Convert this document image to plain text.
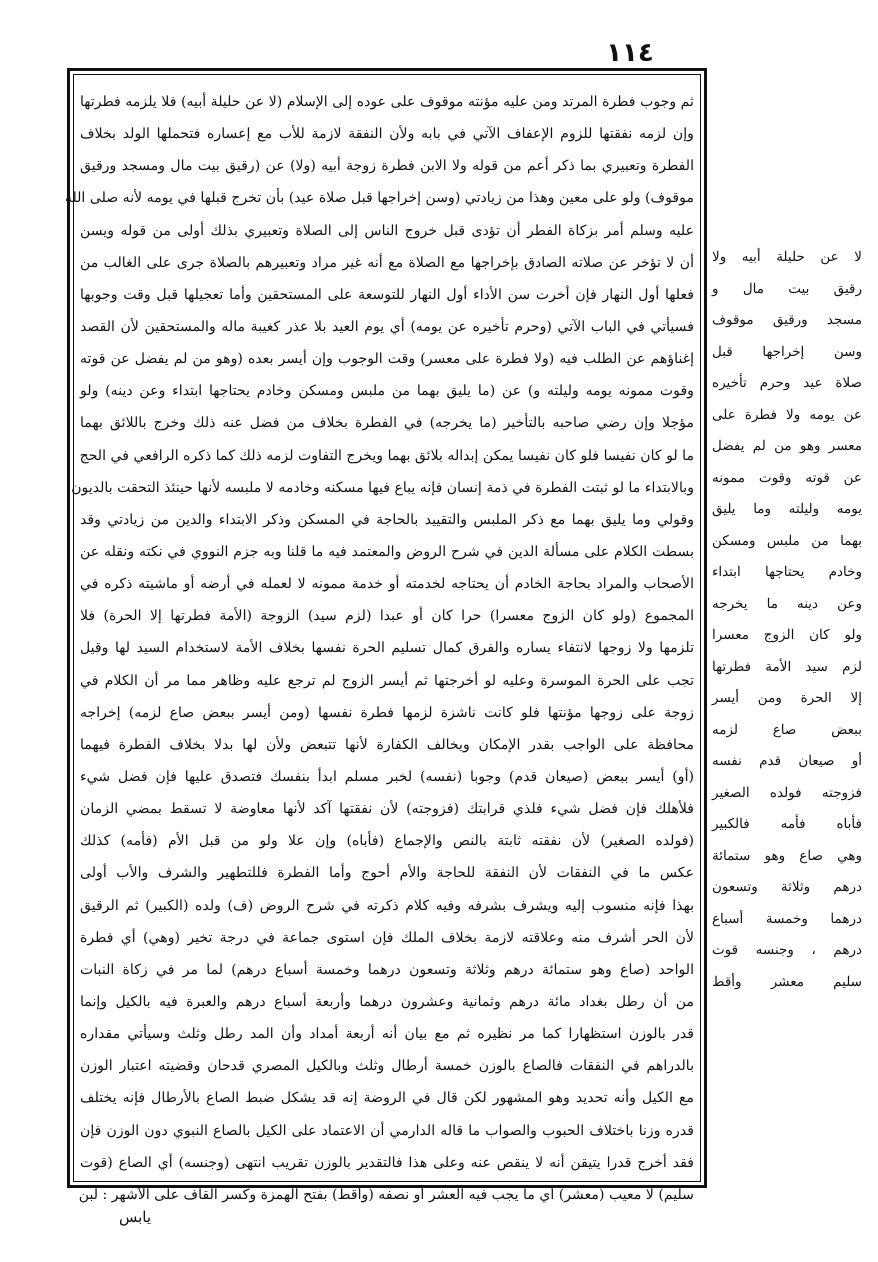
١١٤
ثم وجوب فطرة المرتد ومن عليه مؤنته موقوف على عوده إلى الإسلام (لا عن حليلة أبيه) فلا يلزمه فطرتها
وإن لزمه نفقتها للزوم الإعفاف الآتي في بابه ولأن النفقة لازمة للأب مع إعساره فتحملها الولد بخلاف
الفطرة وتعبيري بما ذكر أعم من قوله ولا الابن فطرة زوجة أبيه (ولا) عن (رقيق بيت مال ومسجد ورقيق
موقوف) ولو على معين وهذا من زيادتي (وسن إخراجها قبل صلاة عيد) بأن تخرج قبلها في يومه لأنه صلى الله
عليه وسلم أمر بزكاة الفطر أن تؤدى قبل خروج الناس إلى الصلاة وتعبيري بذلك أولى من قوله ويسن
أن لا تؤخر عن صلاته الصادق بإخراجها مع الصلاة مع أنه غير مراد وتعبيرهم بالصلاة جرى على الغالب من
فعلها أول النهار فإن أخرت سن الأداء أول النهار للتوسعة على المستحقين وأما تعجيلها قبل وقت وجوبها
فسيأتي في الباب الآتي (وحرم تأخيره عن يومه) أي يوم العيد بلا عذر كغيبة ماله والمستحقين لأن القصد
إغناؤهم عن الطلب فيه (ولا فطرة على معسر) وقت الوجوب وإن أيسر بعده (وهو من لم يفضل عن قوته
وقوت ممونه يومه وليلته و) عن (ما يليق بهما من ملبس ومسكن وخادم يحتاجها ابتداء وعن دينه) ولو
مؤجلا وإن رضي صاحبه بالتأخير (ما يخرجه) في الفطرة بخلاف من فضل عنه ذلك وخرج باللائق بهما
ما لو كان نفيسا فلو كان نفيسا يمكن إبداله بلائق بهما ويخرج التفاوت لزمه ذلك كما ذكره الرافعي في الحج
وبالابتداء ما لو ثبتت الفطرة في ذمة إنسان فإنه يباع فيها مسكنه وخادمه لا ملبسه لأنها حينئذ التحقت بالديون
وقولي وما يليق بهما مع ذكر الملبس والتقييد بالحاجة في المسكن وذكر الابتداء والدين من زيادتي وقد
بسطت الكلام على مسألة الدين في شرح الروض والمعتمد فيه ما قلنا وبه جزم النووي في نكته ونقله عن
الأصحاب والمراد بحاجة الخادم أن يحتاجه لخدمته أو خدمة ممونه لا لعمله في أرضه أو ماشيته ذكره في
المجموع (ولو كان الزوج معسرا) حرا كان أو عبدا (لزم سيد) الزوجة (الأمة فطرتها إلا الحرة) فلا
تلزمها ولا زوجها لانتفاء يساره والفرق كمال تسليم الحرة نفسها بخلاف الأمة لاستخدام السيد لها وقيل
تجب على الحرة الموسرة وعليه لو أخرجتها ثم أيسر الزوج لم ترجع عليه وظاهر مما مر أن الكلام في
زوجة على زوجها مؤنتها فلو كانت ناشزة لزمها فطرة نفسها (ومن أيسر ببعض صاع لزمه) إخراجه
محافظة على الواجب بقدر الإمكان ويخالف الكفارة لأنها تتبعض ولأن لها بدلا بخلاف الفطرة فيهما
(أو) أيسر ببعض (صيعان قدم) وجوبا (نفسه) لخبر مسلم ابدأ بنفسك فتصدق عليها فإن فضل شيء
فلأهلك فإن فضل شيء فلذي قرابتك (فزوجته) لأن نفقتها آكد لأنها معاوضة لا تسقط بمضي الزمان
(فولده الصغير) لأن نفقته ثابتة بالنص والإجماع (فأباه) وإن علا ولو من قبل الأم (فأمه) كذلك
عكس ما في النفقات لأن النفقة للحاجة والأم أحوج وأما الفطرة فللتطهير والشرف والأب أولى
بهذا فإنه منسوب إليه ويشرف بشرفه وفيه كلام ذكرته في شرح الروض (ف) ولده (الكبير) ثم الرقيق
لأن الحر أشرف منه وعلاقته لازمة بخلاف الملك فإن استوى جماعة في درجة تخير (وهي) أي فطرة
الواحد (صاع وهو ستمائة درهم وثلاثة وتسعون درهما وخمسة أسباع درهم) لما مر في زكاة النبات
من أن رطل بغداد مائة درهم وثمانية وعشرون درهما وأربعة أسباع درهم والعبرة فيه بالكيل وإنما
قدر بالوزن استظهارا كما مر نظيره ثم مع بيان أنه أربعة أمداد وأن المد رطل وثلث وسيأتي مقداره
بالدراهم في النفقات فالصاع بالوزن خمسة أرطال وثلث وبالكيل المصري قدحان وقضيته اعتبار الوزن
مع الكيل وأنه تحديد وهو المشهور لكن قال في الروضة إنه قد يشكل ضبط الصاع بالأرطال فإنه يختلف
قدره وزنا باختلاف الحبوب والصواب ما قاله الدارمي أن الاعتماد على الكيل بالصاع النبوي دون الوزن فإن
فقد أخرج قدرا يتيقن أنه لا ينقص عنه وعلى هذا فالتقدير بالوزن تقريب انتهى (وجنسه) أي الصاع (قوت
سليم) لا معيب (معشر) أي ما يجب فيه العشر أو نصفه (وأقط) بفتح الهمزة وكسر القاف على الأشهر : لبن
لا عن حليلة أبيه ولا
رقيق بيت مال و
مسجد ورقيق موقوف
وسن إخراجها قبل
صلاة عيد وحرم تأخيره
عن يومه ولا فطرة على
معسر وهو من لم يفضل
عن قوته وقوت ممونه
يومه وليلته وما يليق
بهما من ملبس ومسكن
وخادم يحتاجها ابتداء
وعن دينه ما يخرجه
ولو كان الزوج معسرا
لزم سيد الأمة فطرتها
إلا الحرة ومن أيسر
ببعض صاع لزمه
أو صيعان قدم نفسه
فزوجته فولده الصغير
فأباه فأمه فالكبير
وهي صاع وهو ستمائة
درهم وثلاثة وتسعون
درهما وخمسة أسباع
درهم ، وجنسه قوت
سليم معشر وأقط
يابس
